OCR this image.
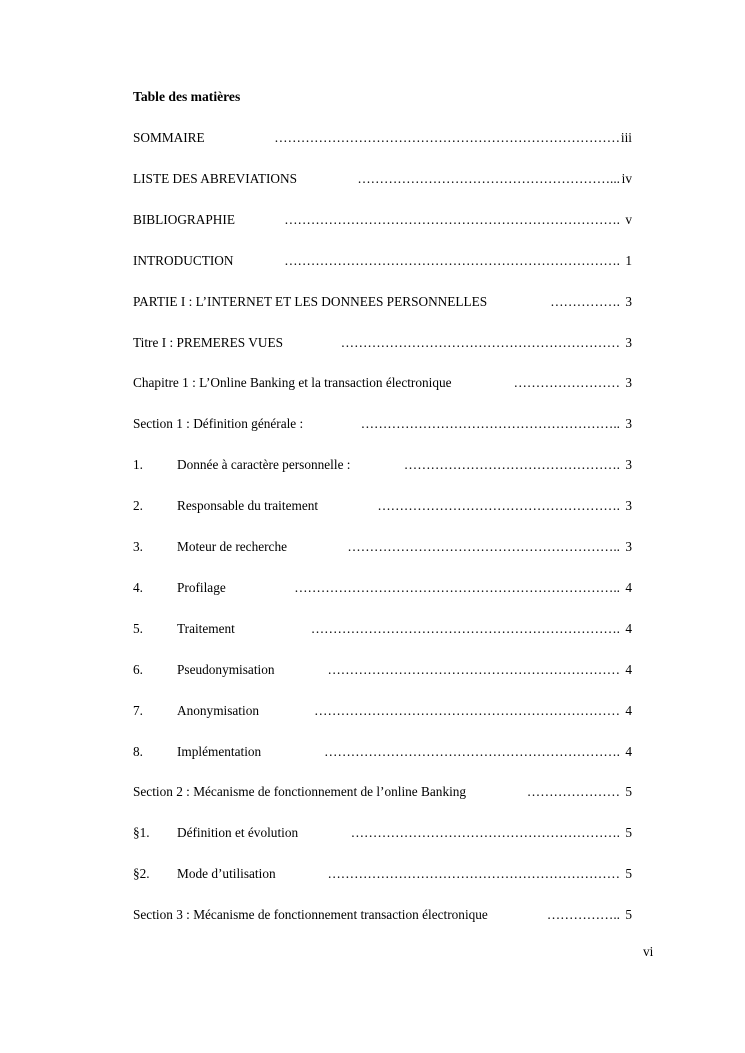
Table des matières
SOMMAIRE	……………………………………………………………………iii
LISTE DES ABREVIATIONS	…………………………………………………... iv
BIBLIOGRAPHIE	…………………………………………………………………. v
INTRODUCTION	…………………………………………………………………. 1
PARTIE I : L’INTERNET ET LES DONNEES PERSONNELLES	……………. 3
Titre I : PREMERES VUES	……………………………………………………… 3
Chapitre 1 : L’Online Banking et la transaction électronique	…………………… 3
Section 1 : Définition générale :	………………………………………………….. 3
1.	Donnée à caractère personnelle :	…………………………………………. 3
2.	Responsable du traitement	………………………………………………. 3
3.	Moteur de recherche	…………………………………………………….. 3
4.	Profilage	……………………………………………………………….. 4
5.	Traitement	……………………………………………………………. 4
6.	Pseudonymisation	………………………………………………………… 4
7.	Anonymisation	…………………………………………………………… 4
8.	Implémentation	…………………………………………………………. 4
Section 2 : Mécanisme de fonctionnement de l’online Banking	………………… 5
§1. Définition et évolution	……………………………………………………. 5
§2. Mode d’utilisation	………………………………………………………… 5
Section 3 : Mécanisme de fonctionnement transaction électronique	…………….. 5
vi
